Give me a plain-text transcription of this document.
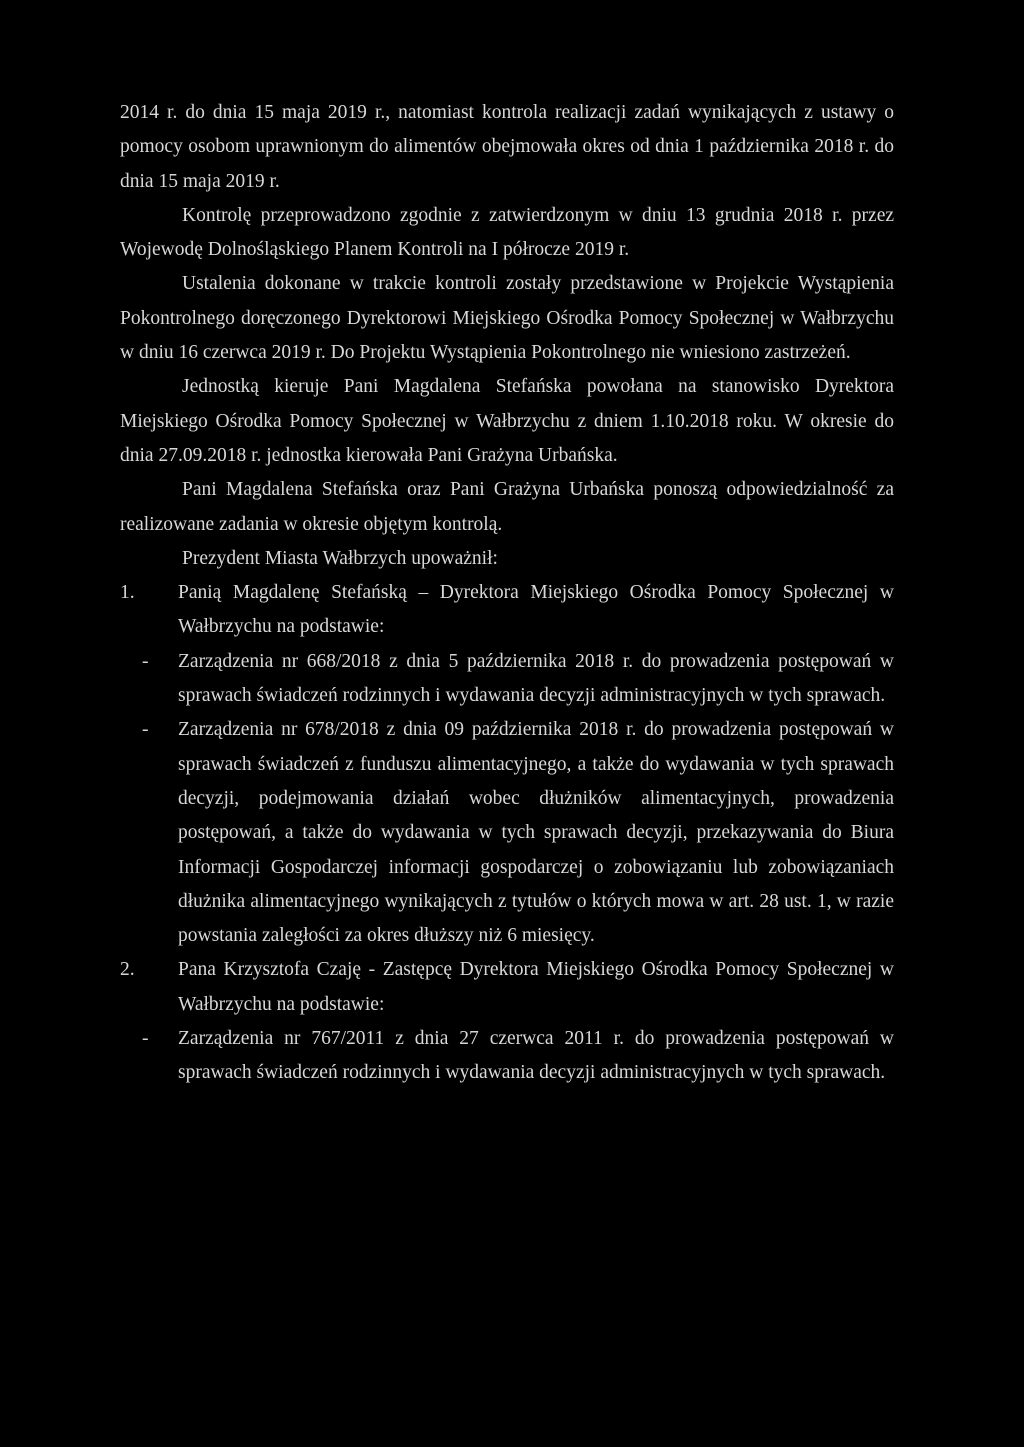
2014 r. do dnia 15 maja 2019 r., natomiast kontrola realizacji zadań wynikających z ustawy o pomocy osobom uprawnionym do alimentów obejmowała okres od dnia 1 października 2018 r. do dnia 15 maja 2019 r.

Kontrolę przeprowadzono zgodnie z zatwierdzonym w dniu 13 grudnia 2018 r. przez Wojewodę Dolnośląskiego Planem Kontroli na I półrocze 2019 r.

Ustalenia dokonane w trakcie kontroli zostały przedstawione w Projekcie Wystąpienia Pokontrolnego doręczonego Dyrektorowi Miejskiego Ośrodka Pomocy Społecznej w Wałbrzychu w dniu 16 czerwca 2019 r. Do Projektu Wystąpienia Pokontrolnego nie wniesiono zastrzeżeń.

Jednostką kieruje Pani Magdalena Stefańska powołana na stanowisko Dyrektora Miejskiego Ośrodka Pomocy Społecznej w Wałbrzychu z dniem 1.10.2018 roku. W okresie do dnia 27.09.2018 r. jednostka kierowała Pani Grażyna Urbańska.

Pani Magdalena Stefańska oraz Pani Grażyna Urbańska ponoszą odpowiedzialność za realizowane zadania w okresie objętym kontrolą.

Prezydent Miasta Wałbrzych upoważnił:

1. Panią Magdalenę Stefańską – Dyrektora Miejskiego Ośrodka Pomocy Społecznej w Wałbrzychu na podstawie:

- Zarządzenia nr 668/2018 z dnia 5 października 2018 r. do prowadzenia postępowań w sprawach świadczeń rodzinnych i wydawania decyzji administracyjnych w tych sprawach.

- Zarządzenia nr 678/2018 z dnia 09 października 2018 r. do prowadzenia postępowań w sprawach świadczeń z funduszu alimentacyjnego, a także do wydawania w tych sprawach decyzji, podejmowania działań wobec dłużników alimentacyjnych, prowadzenia postępowań, a także do wydawania w tych sprawach decyzji, przekazywania do Biura Informacji Gospodarczej informacji gospodarczej o zobowiązaniu lub zobowiązaniach dłużnika alimentacyjnego wynikających z tytułów o których mowa w art. 28 ust. 1, w razie powstania zaległości za okres dłuższy niż 6 miesięcy.

2. Pana Krzysztofa Czaję - Zastępcę Dyrektora Miejskiego Ośrodka Pomocy Społecznej w Wałbrzychu na podstawie:

- Zarządzenia nr 767/2011 z dnia 27 czerwca 2011 r. do prowadzenia postępowań w sprawach świadczeń rodzinnych i wydawania decyzji administracyjnych w tych sprawach.
